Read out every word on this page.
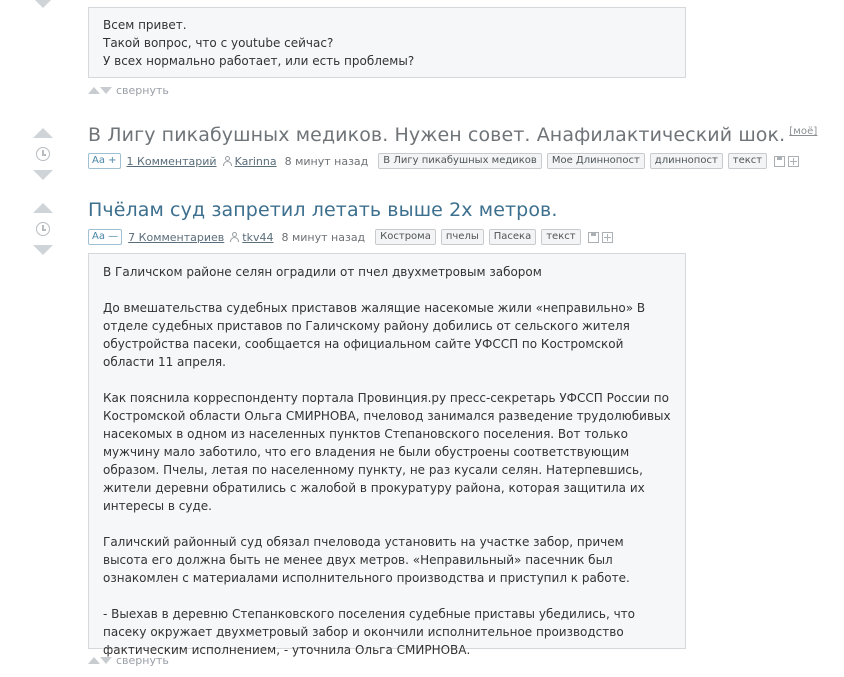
Всем привет.

Такой вопрос, что с youtube сейчас?

У всех нормально работает, или есть проблемы?

свернуть
В Лигу пикабушных медиков. Нужен совет. Анафилактический шок. [моё]
Аа + 1 Комментарий Karinna 8 минут назад	В Лигу пикабушных медиков	Мое Длиннопост	длиннопост	текст
Пчёлам суд запретил летать выше 2х метров.
Аа — 7 Комментариев tkv44 8 минут назад	Кострома	пчелы	Пасека	текст

В Галичском районе селян оградили от пчел двухметровым забором

До вмешательства судебных приставов жалящие насекомые жили «неправильно» В отделе судебных приставов по Галичскому району добились от сельского жителя обустройства пасеки, сообщается на официальном сайте УФССП по Костромской области 11 апреля.

Как пояснила корреспонденту портала Провинция.ру пресс-секретарь УФССП России по Костромской области Ольга СМИРНОВА, пчеловод занимался разведение трудолюбивых насекомых в одном из населенных пунктов Степановского поселения. Вот только мужчину мало заботило, что его владения не были обустроены соответствующим образом. Пчелы, летая по населенному пункту, не раз кусали селян. Натерпевшись, жители деревни обратились с жалобой в прокуратуру района, которая защитила их интересы в суде.

Галичский районный суд обязал пчеловода установить на участке забор, причем высота его должна быть не менее двух метров. «Неправильный» пасечник был ознакомлен с материалами исполнительного производства и приступил к работе.

- Выехав в деревню Степанковского поселения судебные приставы убедились, что пасеку окружает двухметровый забор и окончили исполнительное производство фактическим исполнением, - уточнила Ольга СМИРНОВА.

свернуть
